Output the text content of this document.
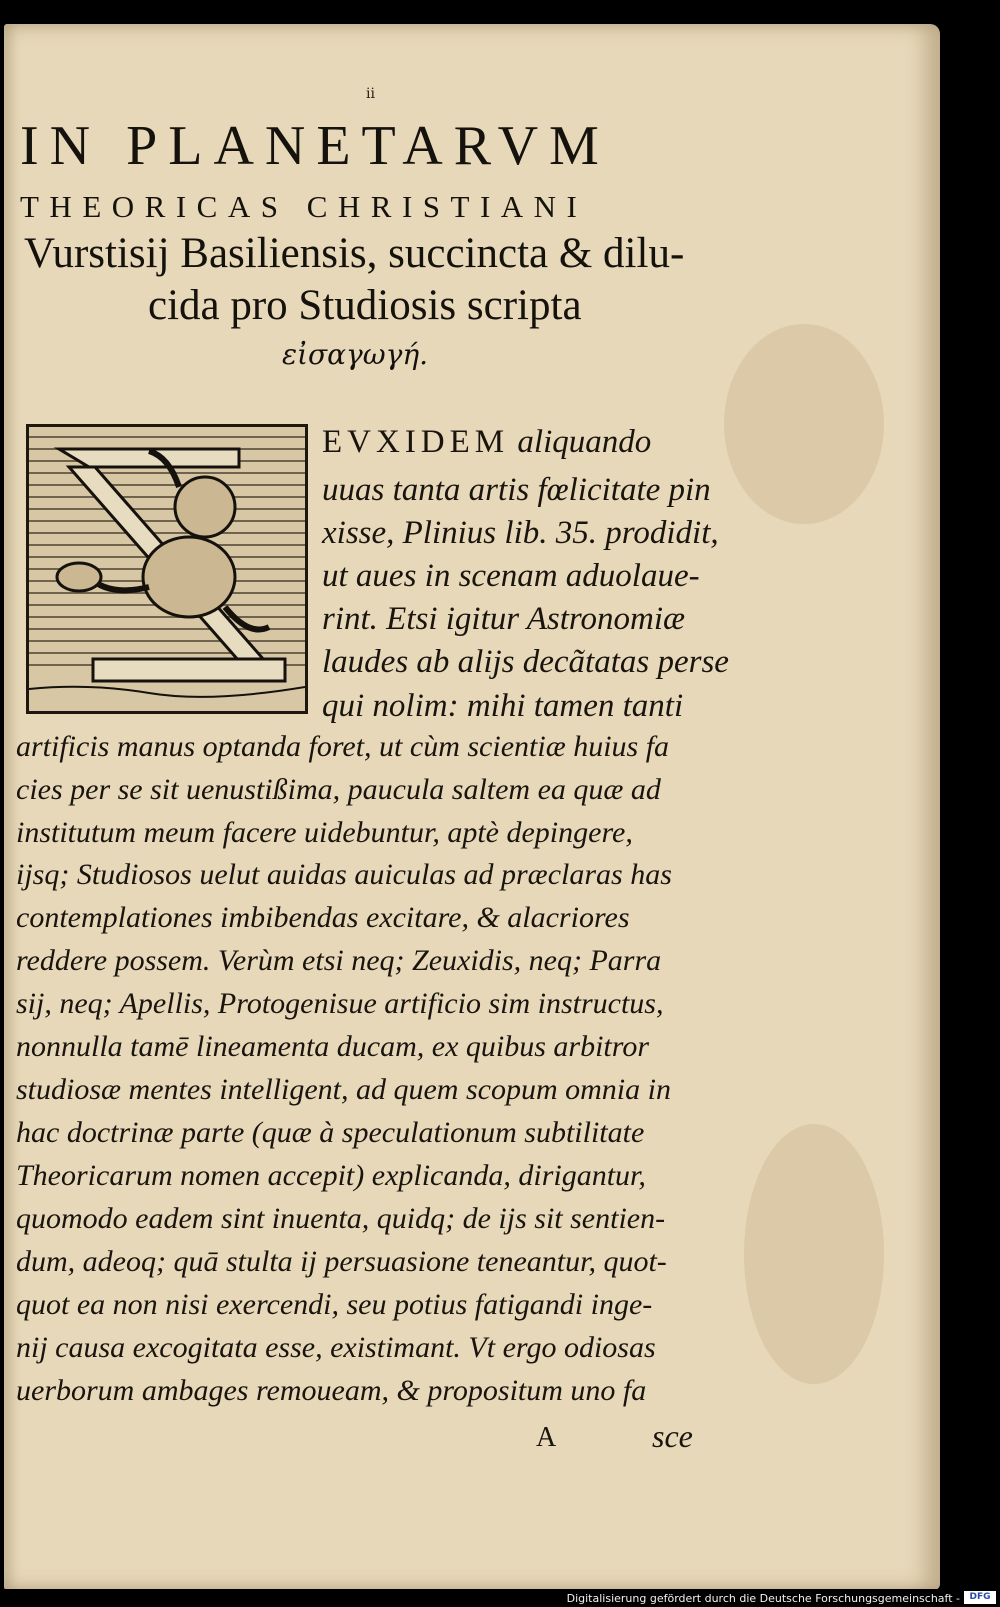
ii
IN PLANETARVM
THEORICAS CHRISTIANI
Vurstisij Basiliensis, succincta & dilu-
cida pro Studiosis scripta
εἰσαγωγή.
EVXIDEM aliquando
uuas tanta artis fœlicitate pin
xisse, Plinius lib. 35. prodidit,
ut aues in scenam aduolaue-
rint. Etsi igitur Astronomiæ
laudes ab alijs decãtatas persе
qui nolim: mihi tamen tanti
artificis manus optanda foret, ut cùm scientiæ huius fa
cies per se sit uenustißima, paucula saltem ea quæ ad
institutum meum facere uidebuntur, aptè depingere,
ijsq; Studiosos uelut auidas auiculas ad præclaras has
contemplationes imbibendas excitare, & alacriores
reddere possem. Verùm etsi neq; Zeuxidis, neq; Parra
sij, neq; Apellis, Protogenisue artificio sim instructus,
nonnulla tamē lineamenta ducam, ex quibus arbitror
studiosæ mentes intelligent, ad quem scopum omnia in
hac doctrinæ parte (quæ à speculationum subtilitate
Theoricarum nomen accepit) explicanda, dirigantur,
quomodo eadem sint inuenta, quidq; de ijs sit sentien-
dum, adeoq; quā stulta ij persuasione teneantur, quot-
quot ea non nisi exercendi, seu potius fatigandi inge-
nij causa excogitata esse, existimant. Vt ergo odiosas
uerborum ambages remoueam, & propositum uno fa
A	sce
Digitalisierung gefördert durch die Deutsche Forschungsgemeinschaft -	DFG
